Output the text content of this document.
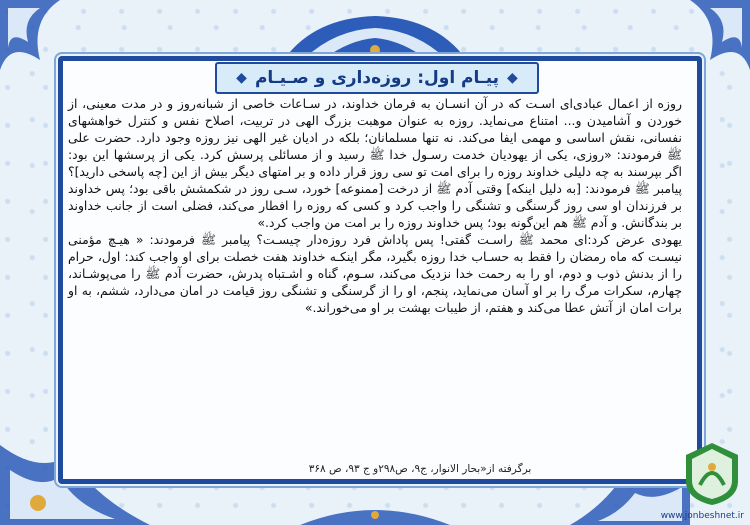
◆ پیـام اول: روزه‌داری و صـیـام ◆

روزه از اعمال عبادی‌ای اسـت که در آن انسـان به فرمان خداوند، در سـاعات خاصی از شبانه‌روز و در مدت معینی، از خوردن و آشامیدن و... امتناع می‌نماید. روزه به عنوان موهبت بزرگ الهی در تربیت، اصلاح نفس و کنترل خواهشهای نفسانی، نقش اساسی و مهمی ایفا می‌کند. نه تنها مسلمانان؛ بلکه در ادیان غیر الهی نیز روزه وجود دارد. حضرت علی ﷺ فرمودند: «روزی، یکی از یهودیان خدمت رسـول خدا ﷺ رسید و از مسائلی پرسش کرد. یکی از پرسشها این بود: اگر بپرسند به چه دلیلی خداوند روزه را برای امت تو سی روز قرار داده و بر امتهای دیگر بیش از این [چه پاسخی دارید]؟ پیامبر ﷺ فرمودند: [به دلیل اینکه] وقتی آدم ﷺ از درخت [ممنوعه] خورد، سـی روز در شکمشش باقی بود؛ پس خداوند بر فرزندان او سی روز گرسنگی و تشنگی را واجب کرد و کسی که روزه را افطار می‌کند، فضلی است از جانب خداوند بر بندگانش. و آدم ﷺ هم این‌گونه بود؛ پس خداوند روزه را بر امت من واجب کرد.»

یهودی عرض کرد:ای محمد ﷺ راسـت گفتی! پس پاداش فرد روزه‌دار چیسـت؟ پیامبر ﷺ فرمودند: « هیـچ مؤمنی نیسـت که ماه رمضان را فقط به حسـاب خدا روزه بگیرد، مگر اینکـه خداوند هفت خصلت برای او واجب کند: اول، حرام را از بدنش ذوب و دوم، او را به رحمت خدا نزدیک می‌کند، سـوم، گناه و اشـتباه پدرش، حضرت آدم ﷺ را می‌پوشـاند، چهارم، سکرات مرگ را بر او آسان می‌نماید، پنجم، او را از گرسنگی و تشنگی روز قیامت در امان می‌دارد، ششم، به او برات امان از آتش عطا می‌کند و هفتم، از طیبات بهشت بر او می‌خوراند.»

برگرفته از«بحار الانوار، ج۹، ص۲۹۸و ج ۹۳، ص ۳۶۸
www.jonbeshnet.ir
